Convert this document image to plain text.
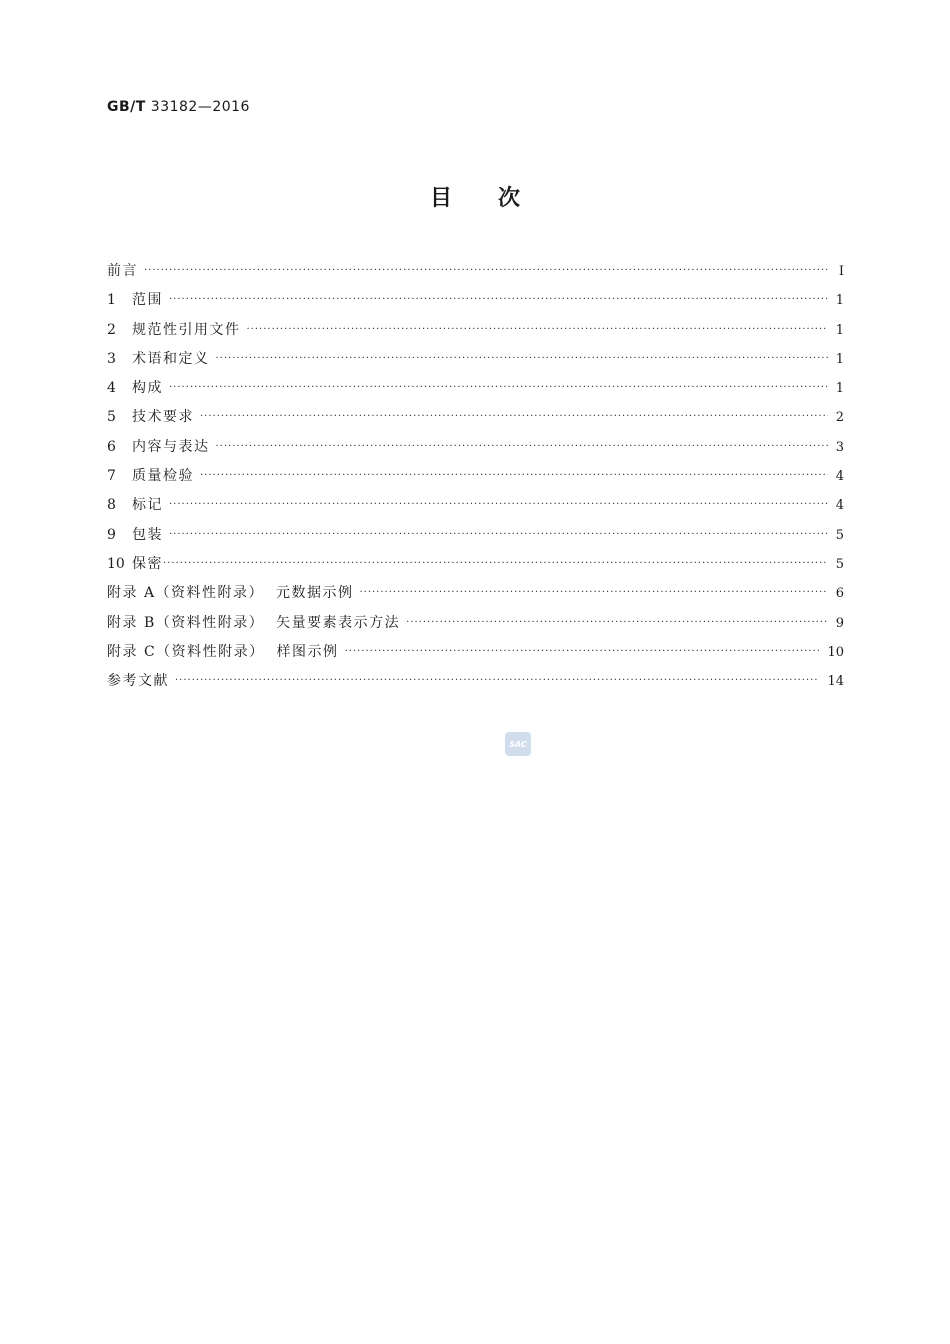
GB/T 33182—2016
目 次
前言 ·····	Ⅰ
1	范围 ·····	1
2	规范性引用文件 ·····	1
3	术语和定义 ·····	1
4	构成 ·····	1
5	技术要求 ·····	2
6	内容与表达 ·····	3
7	质量检验 ·····	4
8	标记 ·····	4
9	包装 ·····	5
10 保密 ·····	5
附录 A（资料性附录）  元数据示例 ·····	6
附录 B（资料性附录）  矢量要素表示方法 ·····	9
附录 C（资料性附录）  样图示例 ·····	10
参考文献 ·····	14
SAC
